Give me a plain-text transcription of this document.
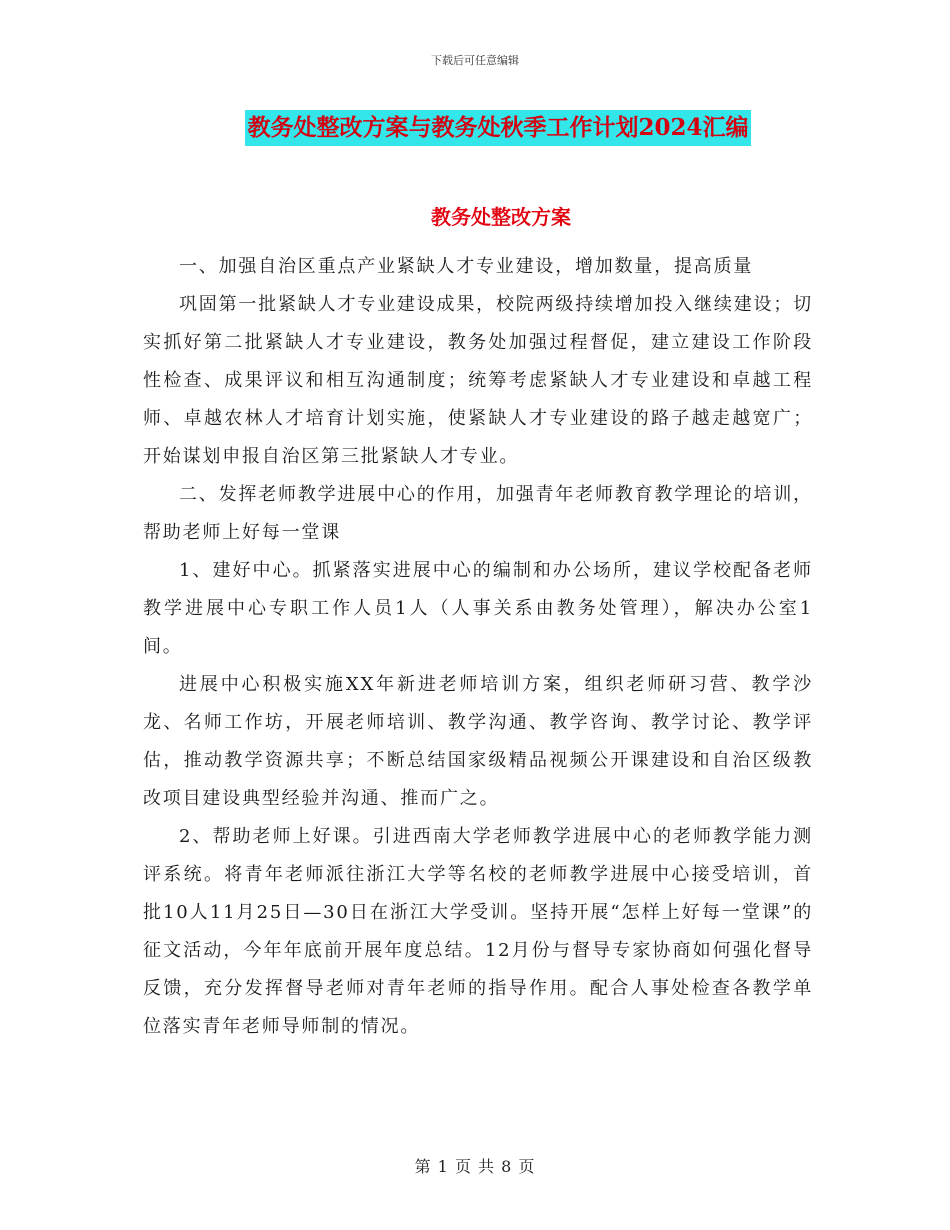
下载后可任意编辑
教务处整改方案与教务处秋季工作计划2024汇编
教务处整改方案

一、加强自治区重点产业紧缺人才专业建设，增加数量，提高质量

巩固第一批紧缺人才专业建设成果，校院两级持续增加投入继续建设；切实抓好第二批紧缺人才专业建设，教务处加强过程督促，建立建设工作阶段性检查、成果评议和相互沟通制度；统筹考虑紧缺人才专业建设和卓越工程师、卓越农林人才培育计划实施，使紧缺人才专业建设的路子越走越宽广；开始谋划申报自治区第三批紧缺人才专业。

二、发挥老师教学进展中心的作用，加强青年老师教育教学理论的培训，帮助老师上好每一堂课

1、建好中心。抓紧落实进展中心的编制和办公场所，建议学校配备老师教学进展中心专职工作人员1人（人事关系由教务处管理），解决办公室1间。

进展中心积极实施XX年新进老师培训方案，组织老师研习营、教学沙龙、名师工作坊，开展老师培训、教学沟通、教学咨询、教学讨论、教学评估，推动教学资源共享；不断总结国家级精品视频公开课建设和自治区级教改项目建设典型经验并沟通、推而广之。

2、帮助老师上好课。引进西南大学老师教学进展中心的老师教学能力测评系统。将青年老师派往浙江大学等名校的老师教学进展中心接受培训，首批10人11月25日—30日在浙江大学受训。坚持开展“怎样上好每一堂课”的征文活动，今年年底前开展年度总结。12月份与督导专家协商如何强化督导反馈，充分发挥督导老师对青年老师的指导作用。配合人事处检查各教学单位落实青年老师导师制的情况。

第 1 页 共 8 页
